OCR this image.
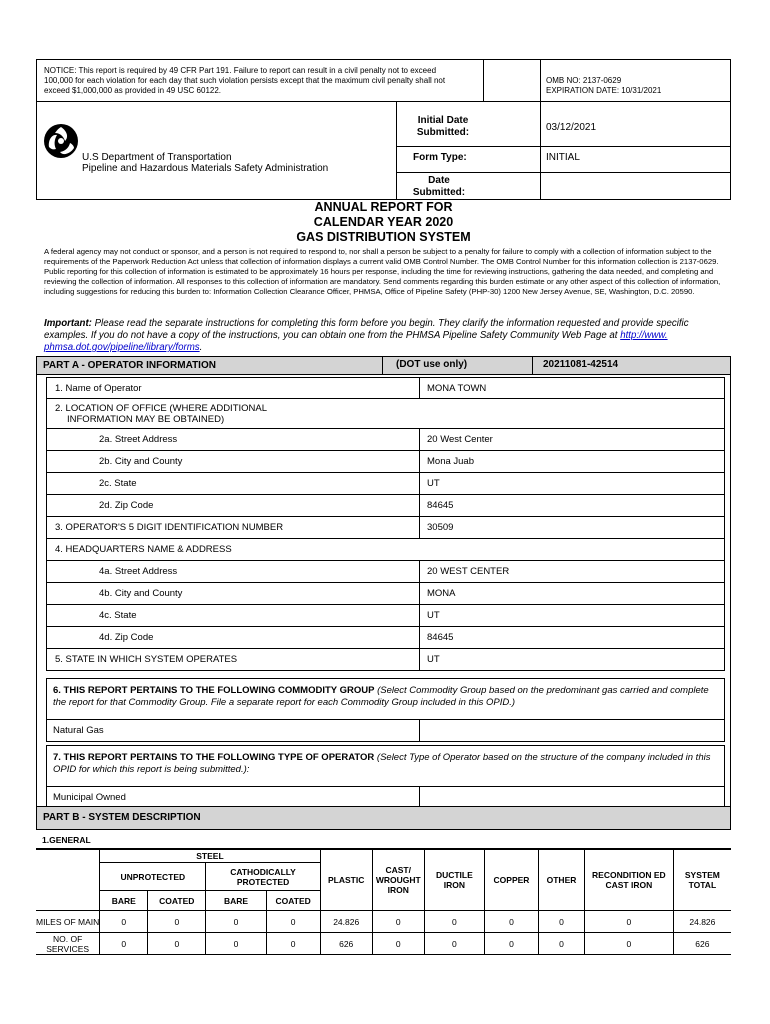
NOTICE: This report is required by 49 CFR Part 191. Failure to report can result in a civil penalty not to exceed 100,000 for each violation for each day that such violation persists except that the maximum civil penalty shall not exceed $1,000,000 as provided in 49 USC 60122.
OMB NO: 2137-0629
EXPIRATION DATE: 10/31/2021
U.S Department of Transportation
Pipeline and Hazardous Materials Safety Administration
Initial Date Submitted:	03/12/2021
Form Type:	INITIAL
Date Submitted:
ANNUAL REPORT FOR
CALENDAR YEAR 2020
GAS DISTRIBUTION SYSTEM
A federal agency may not conduct or sponsor, and a person is not required to respond to, nor shall a person be subject to a penalty for failure to comply with a collection of information subject to the requirements of the Paperwork Reduction Act unless that collection of information displays a current valid OMB Control Number. The OMB Control Number for this information collection is 2137-0629. Public reporting for this collection of information is estimated to be approximately 16 hours per response, including the time for reviewing instructions, gathering the data needed, and completing and reviewing the collection of information. All responses to this collection of information are mandatory. Send comments regarding this burden estimate or any other aspect of this collection of information, including suggestions for reducing this burden to: Information Collection Clearance Officer, PHMSA, Office of Pipeline Safety (PHP-30) 1200 New Jersey Avenue, SE, Washington, D.C. 20590.
Important: Please read the separate instructions for completing this form before you begin. They clarify the information requested and provide specific examples. If you do not have a copy of the instructions, you can obtain one from the PHMSA Pipeline Safety Community Web Page at http://www.
phmsa.dot.gov/pipeline/library/forms.
PART A - OPERATOR INFORMATION	(DOT use only)	20211081-42514
1. Name of Operator	MONA TOWN
2. LOCATION OF OFFICE (WHERE ADDITIONAL
INFORMATION MAY BE OBTAINED)
2a. Street Address	20 West Center
2b. City and County	Mona Juab
2c. State	UT
2d. Zip Code	84645
3. OPERATOR'S 5 DIGIT IDENTIFICATION NUMBER	30509
4. HEADQUARTERS NAME & ADDRESS
4a. Street Address	20 WEST CENTER
4b. City and County	MONA
4c. State	UT
4d. Zip Code	84645
5. STATE IN WHICH SYSTEM OPERATES	UT
6. THIS REPORT PERTAINS TO THE FOLLOWING COMMODITY GROUP (Select Commodity Group based on the predominant gas carried and complete the report for that Commodity Group. File a separate report for each Commodity Group included in this OPID.)
Natural Gas
7. THIS REPORT PERTAINS TO THE FOLLOWING TYPE OF OPERATOR (Select Type of Operator based on the structure of the company included in this OPID for which this report is being submitted.):
Municipal Owned
PART B - SYSTEM DESCRIPTION
1.GENERAL
	STEEL				PLASTIC	CAST/ WROUGHT IRON	DUCTILE IRON	COPPER	OTHER	RECONDITION ED CAST IRON	SYSTEM TOTAL
	UNPROTECTED		CATHODICALLY PROTECTED								
	BARE	COATED	BARE	COATED							
MILES OF MAIN	0	0	0	0	24.826	0	0	0	0	0	24.826
NO. OF SERVICES	0	0	0	0	626	0	0	0	0	0	626
